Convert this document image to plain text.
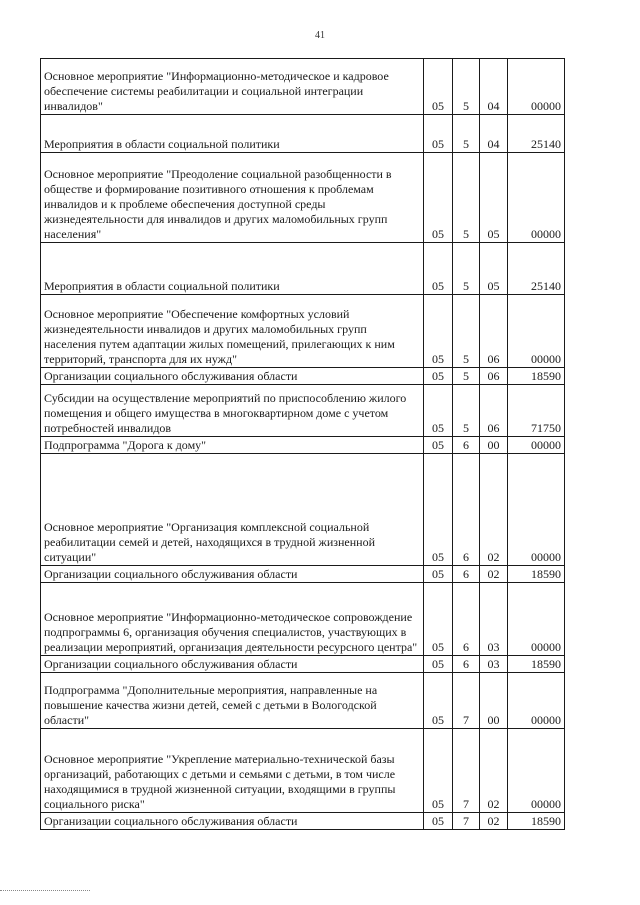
41
Основное мероприятие "Информационно-методическое и кадровое обеспечение системы реабилитации и социальной интеграции инвалидов"	05	5	04	00000
Мероприятия в области социальной политики	05	5	04	25140
Основное мероприятие "Преодоление социальной разобщенности в обществе и формирование позитивного отношения к проблемам инвалидов и к проблеме обеспечения доступной среды жизнедеятельности для инвалидов и других маломобильных групп населения"	05	5	05	00000
Мероприятия в области социальной политики	05	5	05	25140
Основное мероприятие "Обеспечение комфортных условий жизнедеятельности инвалидов и других маломобильных групп населения путем адаптации жилых помещений, прилегающих к ним территорий, транспорта для их нужд"	05	5	06	00000
Организации социального обслуживания области	05	5	06	18590
Субсидии на осуществление мероприятий по приспособлению жилого помещения и общего имущества в многоквартирном доме с учетом потребностей инвалидов	05	5	06	71750
Подпрограмма "Дорога к дому"	05	6	00	00000
Основное мероприятие "Организация комплексной социальной реабилитации семей и детей, находящихся в трудной жизненной ситуации"	05	6	02	00000
Организации социального обслуживания области	05	6	02	18590
Основное мероприятие "Информационно-методическое сопровождение подпрограммы 6, организация обучения специалистов, участвующих в реализации мероприятий, организация деятельности ресурсного центра"	05	6	03	00000
Организации социального обслуживания области	05	6	03	18590
Подпрограмма "Дополнительные мероприятия, направленные на повышение качества жизни детей, семей с детьми в Вологодской области"	05	7	00	00000
Основное мероприятие "Укрепление материально-технической базы организаций, работающих с детьми и семьями с детьми, в том числе находящимися в трудной жизненной ситуации, входящими в группы социального риска"	05	7	02	00000
Организации социального обслуживания области	05	7	02	18590
